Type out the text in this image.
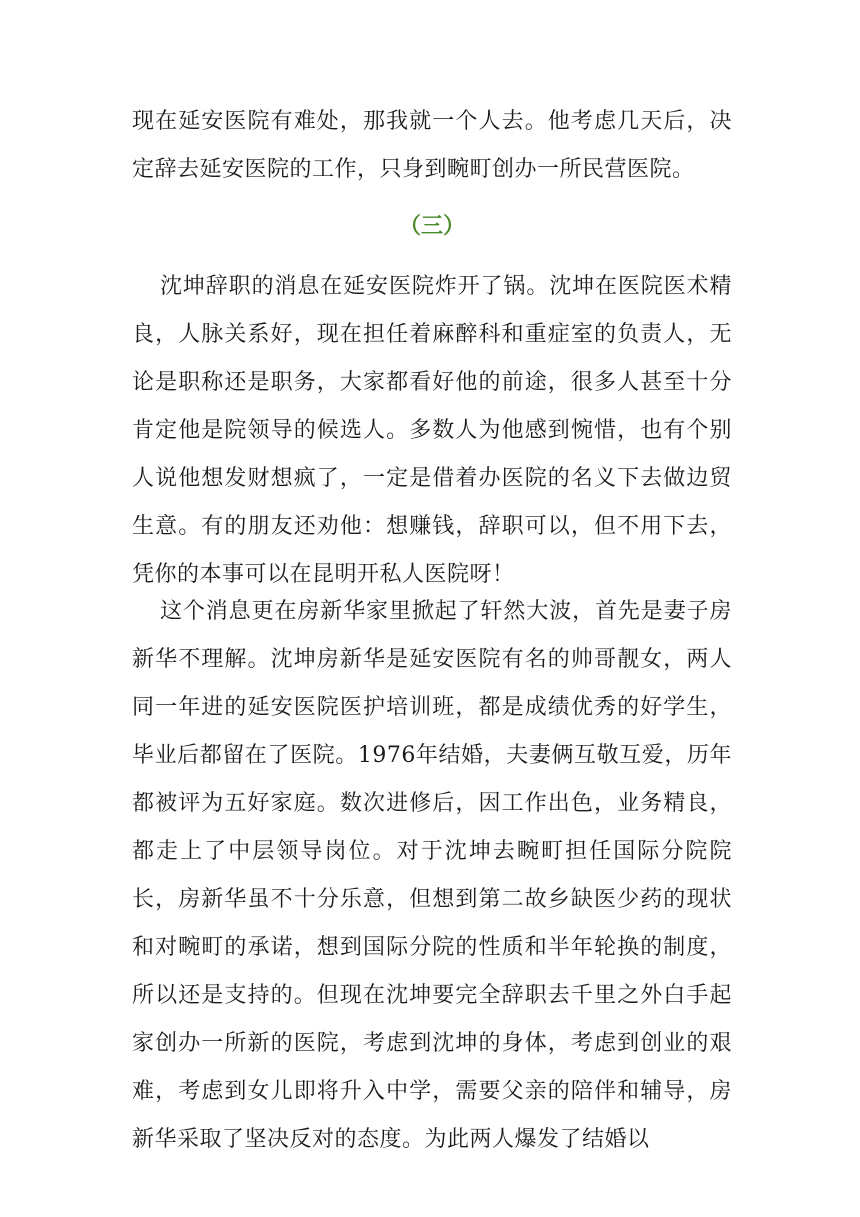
现在延安医院有难处，那我就一个人去。他考虑几天后，决定辞去延安医院的工作，只身到畹町创办一所民营医院。

（三）

沈坤辞职的消息在延安医院炸开了锅。沈坤在医院医术精良，人脉关系好，现在担任着麻醉科和重症室的负责人，无论是职称还是职务，大家都看好他的前途，很多人甚至十分肯定他是院领导的候选人。多数人为他感到惋惜，也有个别人说他想发财想疯了，一定是借着办医院的名义下去做边贸生意。有的朋友还劝他：想赚钱，辞职可以，但不用下去，凭你的本事可以在昆明开私人医院呀！

这个消息更在房新华家里掀起了轩然大波，首先是妻子房新华不理解。沈坤房新华是延安医院有名的帅哥靓女，两人同一年进的延安医院医护培训班，都是成绩优秀的好学生，毕业后都留在了医院。1976年结婚，夫妻俩互敬互爱，历年都被评为五好家庭。数次进修后，因工作出色，业务精良，都走上了中层领导岗位。对于沈坤去畹町担任国际分院院长，房新华虽不十分乐意，但想到第二故乡缺医少药的现状和对畹町的承诺，想到国际分院的性质和半年轮换的制度，所以还是支持的。但现在沈坤要完全辞职去千里之外白手起家创办一所新的医院，考虑到沈坤的身体，考虑到创业的艰难，考虑到女儿即将升入中学，需要父亲的陪伴和辅导，房新华采取了坚决反对的态度。为此两人爆发了结婚以
